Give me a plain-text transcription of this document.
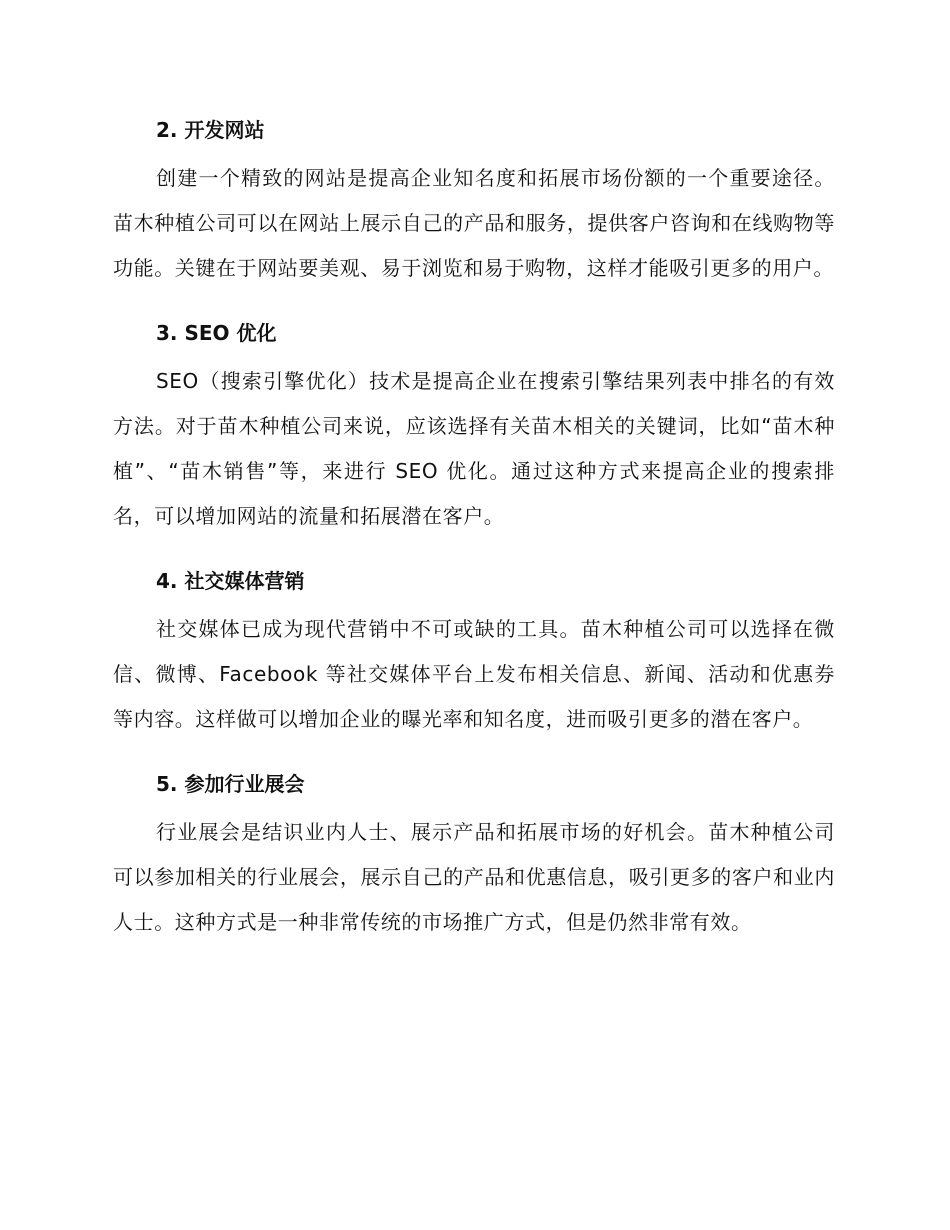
2. 开发网站

创建一个精致的网站是提高企业知名度和拓展市场份额的一个重要途径。苗木种植公司可以在网站上展示自己的产品和服务，提供客户咨询和在线购物等功能。关键在于网站要美观、易于浏览和易于购物，这样才能吸引更多的用户。

3. SEO 优化

SEO（搜索引擎优化）技术是提高企业在搜索引擎结果列表中排名的有效方法。对于苗木种植公司来说，应该选择有关苗木相关的关键词，比如“苗木种植”、“苗木销售”等，来进行 SEO 优化。通过这种方式来提高企业的搜索排名，可以增加网站的流量和拓展潜在客户。

4. 社交媒体营销

社交媒体已成为现代营销中不可或缺的工具。苗木种植公司可以选择在微信、微博、Facebook 等社交媒体平台上发布相关信息、新闻、活动和优惠券等内容。这样做可以增加企业的曝光率和知名度，进而吸引更多的潜在客户。

5. 参加行业展会

行业展会是结识业内人士、展示产品和拓展市场的好机会。苗木种植公司可以参加相关的行业展会，展示自己的产品和优惠信息，吸引更多的客户和业内人士。这种方式是一种非常传统的市场推广方式，但是仍然非常有效。
